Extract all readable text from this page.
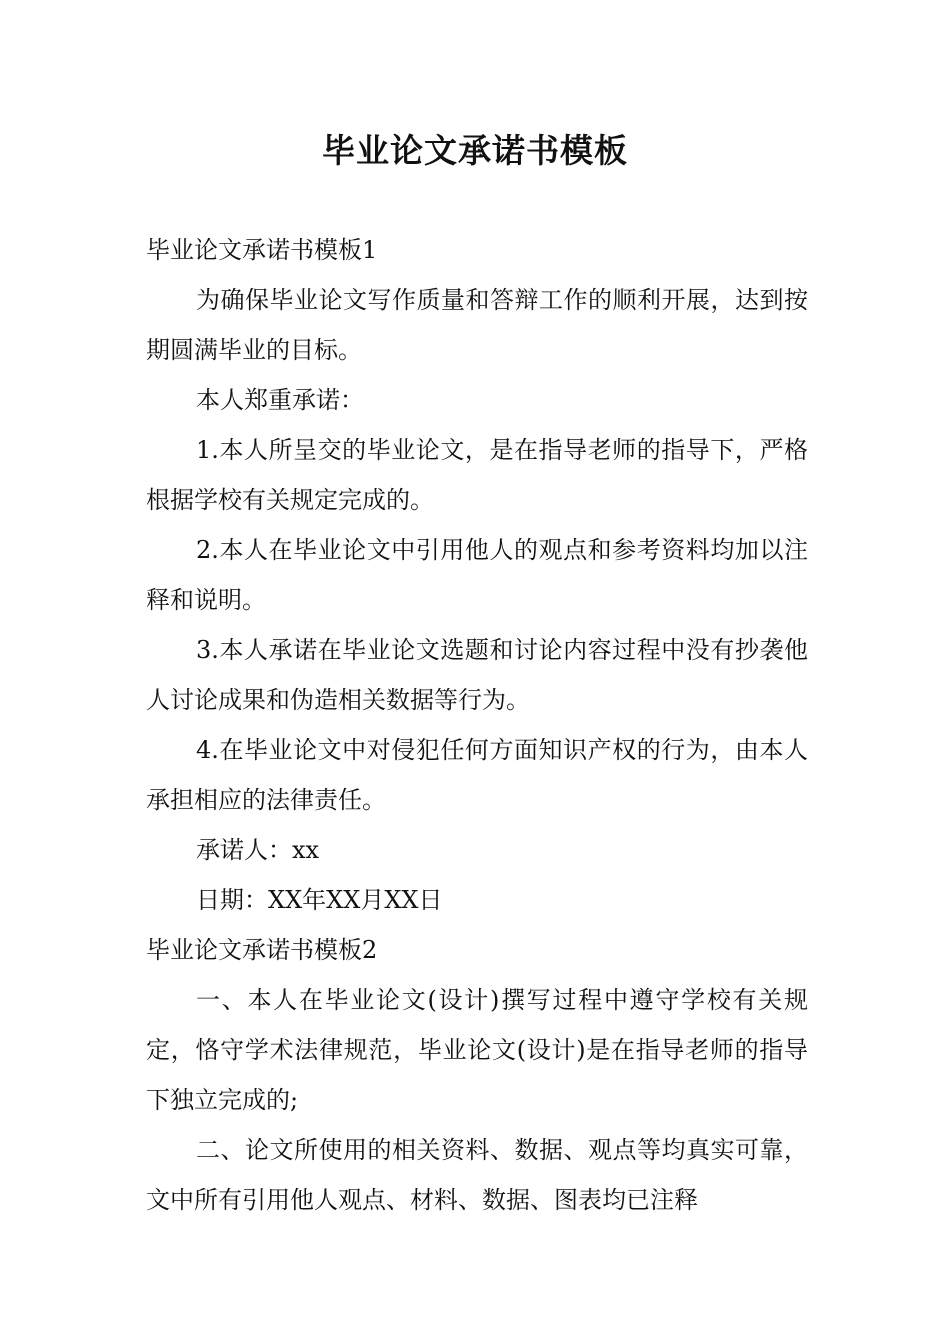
毕业论文承诺书模板

毕业论文承诺书模板1

为确保毕业论文写作质量和答辩工作的顺利开展，达到按期圆满毕业的目标。

本人郑重承诺：

1.本人所呈交的毕业论文，是在指导老师的指导下，严格根据学校有关规定完成的。

2.本人在毕业论文中引用他人的观点和参考资料均加以注释和说明。

3.本人承诺在毕业论文选题和讨论内容过程中没有抄袭他人讨论成果和伪造相关数据等行为。

4.在毕业论文中对侵犯任何方面知识产权的行为，由本人承担相应的法律责任。

承诺人：xx

日期：XX年XX月XX日

毕业论文承诺书模板2

一、本人在毕业论文(设计)撰写过程中遵守学校有关规定，恪守学术法律规范，毕业论文(设计)是在指导老师的指导下独立完成的;

二、论文所使用的相关资料、数据、观点等均真实可靠，文中所有引用他人观点、材料、数据、图表均已注释
